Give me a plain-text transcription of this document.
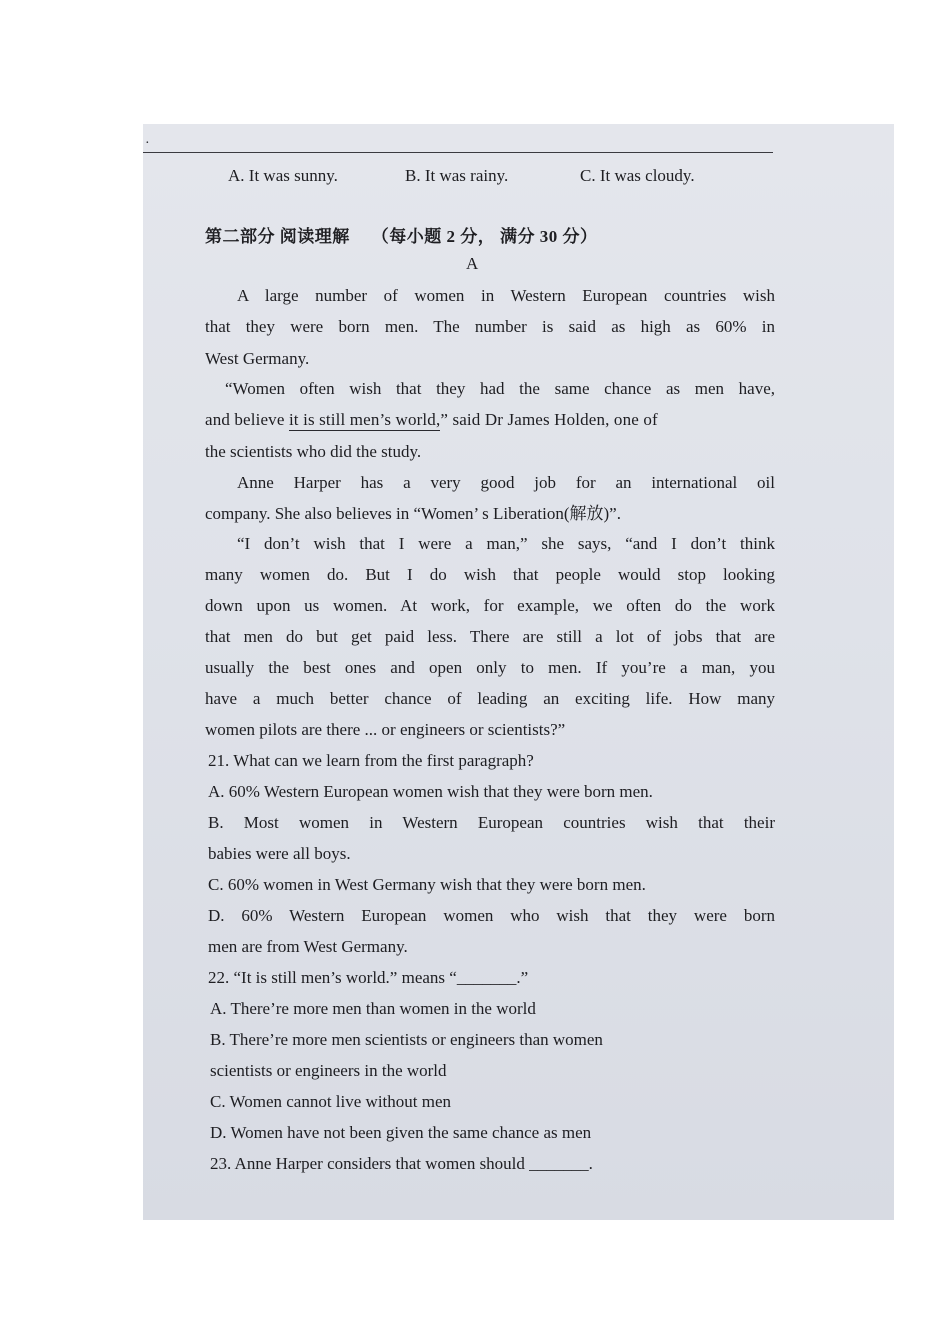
·
A. It was sunny.	B. It was rainy.	C. It was cloudy.
第二部分 阅读理解 （每小题 2 分， 满分 30 分）
A
A large number of women in Western European countries wish
that they were born men. The number is said as high as 60% in
West Germany.
“Women often wish that they had the same chance as men have,
and believe it is still men’s world,” said Dr James Holden, one of
the scientists who did the study.
Anne Harper has a very good job for an international oil
company. She also believes in “Women’ s Liberation(解放)”.
“I don’t wish that I were a man,” she says, “and I don’t think
many women do. But I do wish that people would stop looking
down upon us women. At work, for example, we often do the work
that men do but get paid less. There are still a lot of jobs that are
usually the best ones and open only to men. If you’re a man, you
have a much better chance of leading an exciting life. How many
women pilots are there ... or engineers or scientists?”
21. What can we learn from the first paragraph?
A. 60% Western European women wish that they were born men.
B. Most women in Western European countries wish that their
babies were all boys.
C. 60% women in West Germany wish that they were born men.
D. 60% Western European women who wish that they were born
men are from West Germany.
22. “It is still men’s world.” means “_______.”
A. There’re more men than women in the world
B. There’re more men scientists or engineers than women
scientists or engineers in the world
C. Women cannot live without men
D. Women have not been given the same chance as men
23. Anne Harper considers that women should _______.
